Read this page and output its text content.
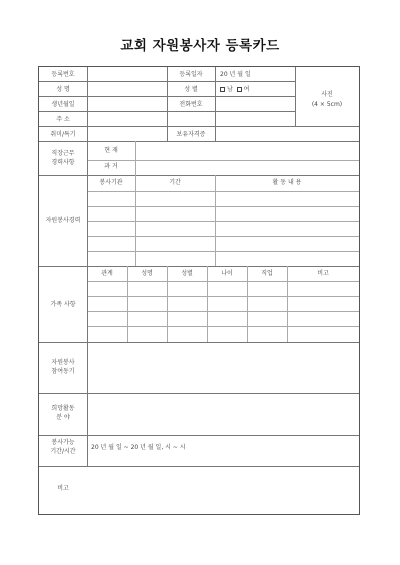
교회 자원봉사자 등록카드
등록번호	등록일자	20 년 월 일
성 명	성 별	남 여
사진
(4 × 5cm)
생년월일	전화번호
주 소
취미/특기	보유자격증
직장근무
경력사항
현 재
과 거
자원봉사경력
봉사기관	기간	활 동 내 용
가족 사항
관계	성명	성별	나이	직업	비고
자원봉사
참여동기
희망활동
분 야
봉사가능
기간/시간
20 년 월 일 ~ 20 년 월 일, 시 ~ 시
비고
